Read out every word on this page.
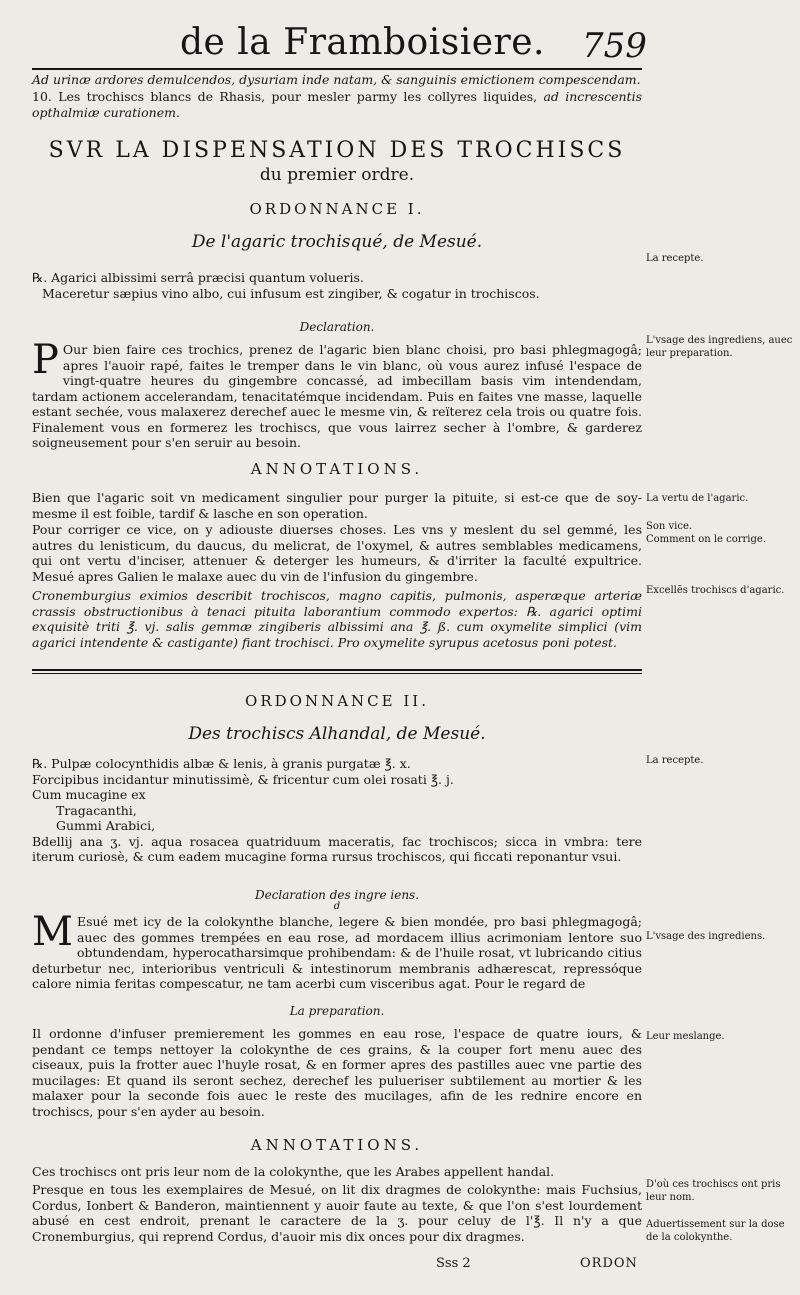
de la Framboisiere. 759
Ad urinæ ardores demulcendos, dysuriam inde natam, & sanguinis emictionem compescendam.
10. Les trochiscs blancs de Rhasis, pour mesler parmy les collyres liquides, ad increscentis opthalmiæ curationem.
SVR LA DISPENSATION DES TROCHISCS
du premier ordre.
ORDONNANCE I.
De l'agaric trochisqué, de Mesué.
℞. Agarici albissimi serrâ præcisi quantum volueris.
Maceretur sæpius vino albo, cui infusum est zingiber, & cogatur in trochiscos.
Declaration.
P Our bien faire ces trochics, prenez de l'agaric bien blanc choisi, pro basi phlegmagogâ; apres l'auoir rapé, faites le tremper dans le vin blanc, où vous aurez infusé l'espace de vingt-quatre heures du gingembre concassé, ad imbecillam basis vim intendendam, tardam actionem accelerandam, tenacitatémque incidendam. Puis en faites vne masse, laquelle estant sechée, vous malaxerez derechef auec le mesme vin, & reïterez cela trois ou quatre fois. Finalement vous en formerez les trochiscs, que vous lairrez secher à l'ombre, & garderez soigneusement pour s'en seruir au besoin.
ANNOTATIONS.
Bien que l'agaric soit vn medicament singulier pour purger la pituite, si est-ce que de soy-mesme il est foible, tardif & lasche en son operation.
Pour corriger ce vice, on y adiouste diuerses choses. Les vns y meslent du sel gemmé, les autres du lenisticum, du daucus, du melicrat, de l'oxymel, & autres semblables medicamens, qui ont vertu d'inciser, attenuer & deterger les humeurs, & d'irriter la faculté expultrice. Mesué apres Galien le malaxe auec du vin de l'infusion du gingembre.
Cronemburgius eximios describit trochiscos, magno capitis, pulmonis, asperæque arteriæ crassis obstructionibus à tenaci pituita laborantium commodo expertos: ℞. agarici optimi exquisitè triti ℥. vj. salis gemmæ zingiberis albissimi ana ℥. ß. cum oxymelite simplici (vim agarici intendente & castigante) fiant trochisci. Pro oxymelite syrupus acetosus poni potest.
ORDONNANCE II.
Des trochiscs Alhandal, de Mesué.
℞. Pulpæ colocynthidis albæ & lenis, à granis purgatæ ℥. x.
Forcipibus incidantur minutissimè, & fricentur cum olei rosati ℥. j.
Cum mucagine ex
Tragacanthi,
Gummi Arabici,
Bdellij ana ʒ. vj. aqua rosacea quatriduum maceratis, fac trochiscos; sicca in vmbra: tere iterum curiosè, & cum eadem mucagine forma rursus trochiscos, qui ficcati reponantur vsui.
Declaration des ingre iens.
d
M Esué met icy de la colokynthe blanche, legere & bien mondée, pro basi phlegmagogâ; auec des gommes trempées en eau rose, ad mordacem illius acrimoniam lentore suo obtundendam, hyperocatharsimque prohibendam: & de l'huile rosat, vt lubricando citius deturbetur nec, interioribus ventriculi & intestinorum membranis adhærescat, repressóque calore nimia feritas compescatur, ne tam acerbi cum visceribus agat. Pour le regard de
La preparation.
Il ordonne d'infuser premierement les gommes en eau rose, l'espace de quatre iours, & pendant ce temps nettoyer la colokynthe de ces grains, & la couper fort menu auec des ciseaux, puis la frotter auec l'huyle rosat, & en former apres des pastilles auec vne partie des mucilages: Et quand ils seront sechez, derechef les pulueriser subtilement au mortier & les malaxer pour la seconde fois auec le reste des mucilages, afin de les rednire encore en trochiscs, pour s'en ayder au besoin.
ANNOTATIONS.
Ces trochiscs ont pris leur nom de la colokynthe, que les Arabes appellent handal.
Presque en tous les exemplaires de Mesué, on lit dix dragmes de colokynthe: mais Fuchsius, Cordus, Ionbert & Banderon, maintiennent y auoir faute au texte, & que l'on s'est lourdement abusé en cest endroit, prenant le caractere de la ʒ. pour celuy de l'℥. Il n'y a que Cronemburgius, qui reprend Cordus, d'auoir mis dix onces pour dix dragmes.
La recepte.
L'vsage des ingrediens, auec leur preparation.
La vertu de l'agaric.
Son vice.
Comment on le corrige.
Excellẽs trochiscs d'agaric.
La recepte.
L'vsage des ingrediens.
Leur meslange.
D'où ces trochiscs ont pris leur nom.
Aduertissement sur la dose de la colokynthe.
Sss 2	ORDON
